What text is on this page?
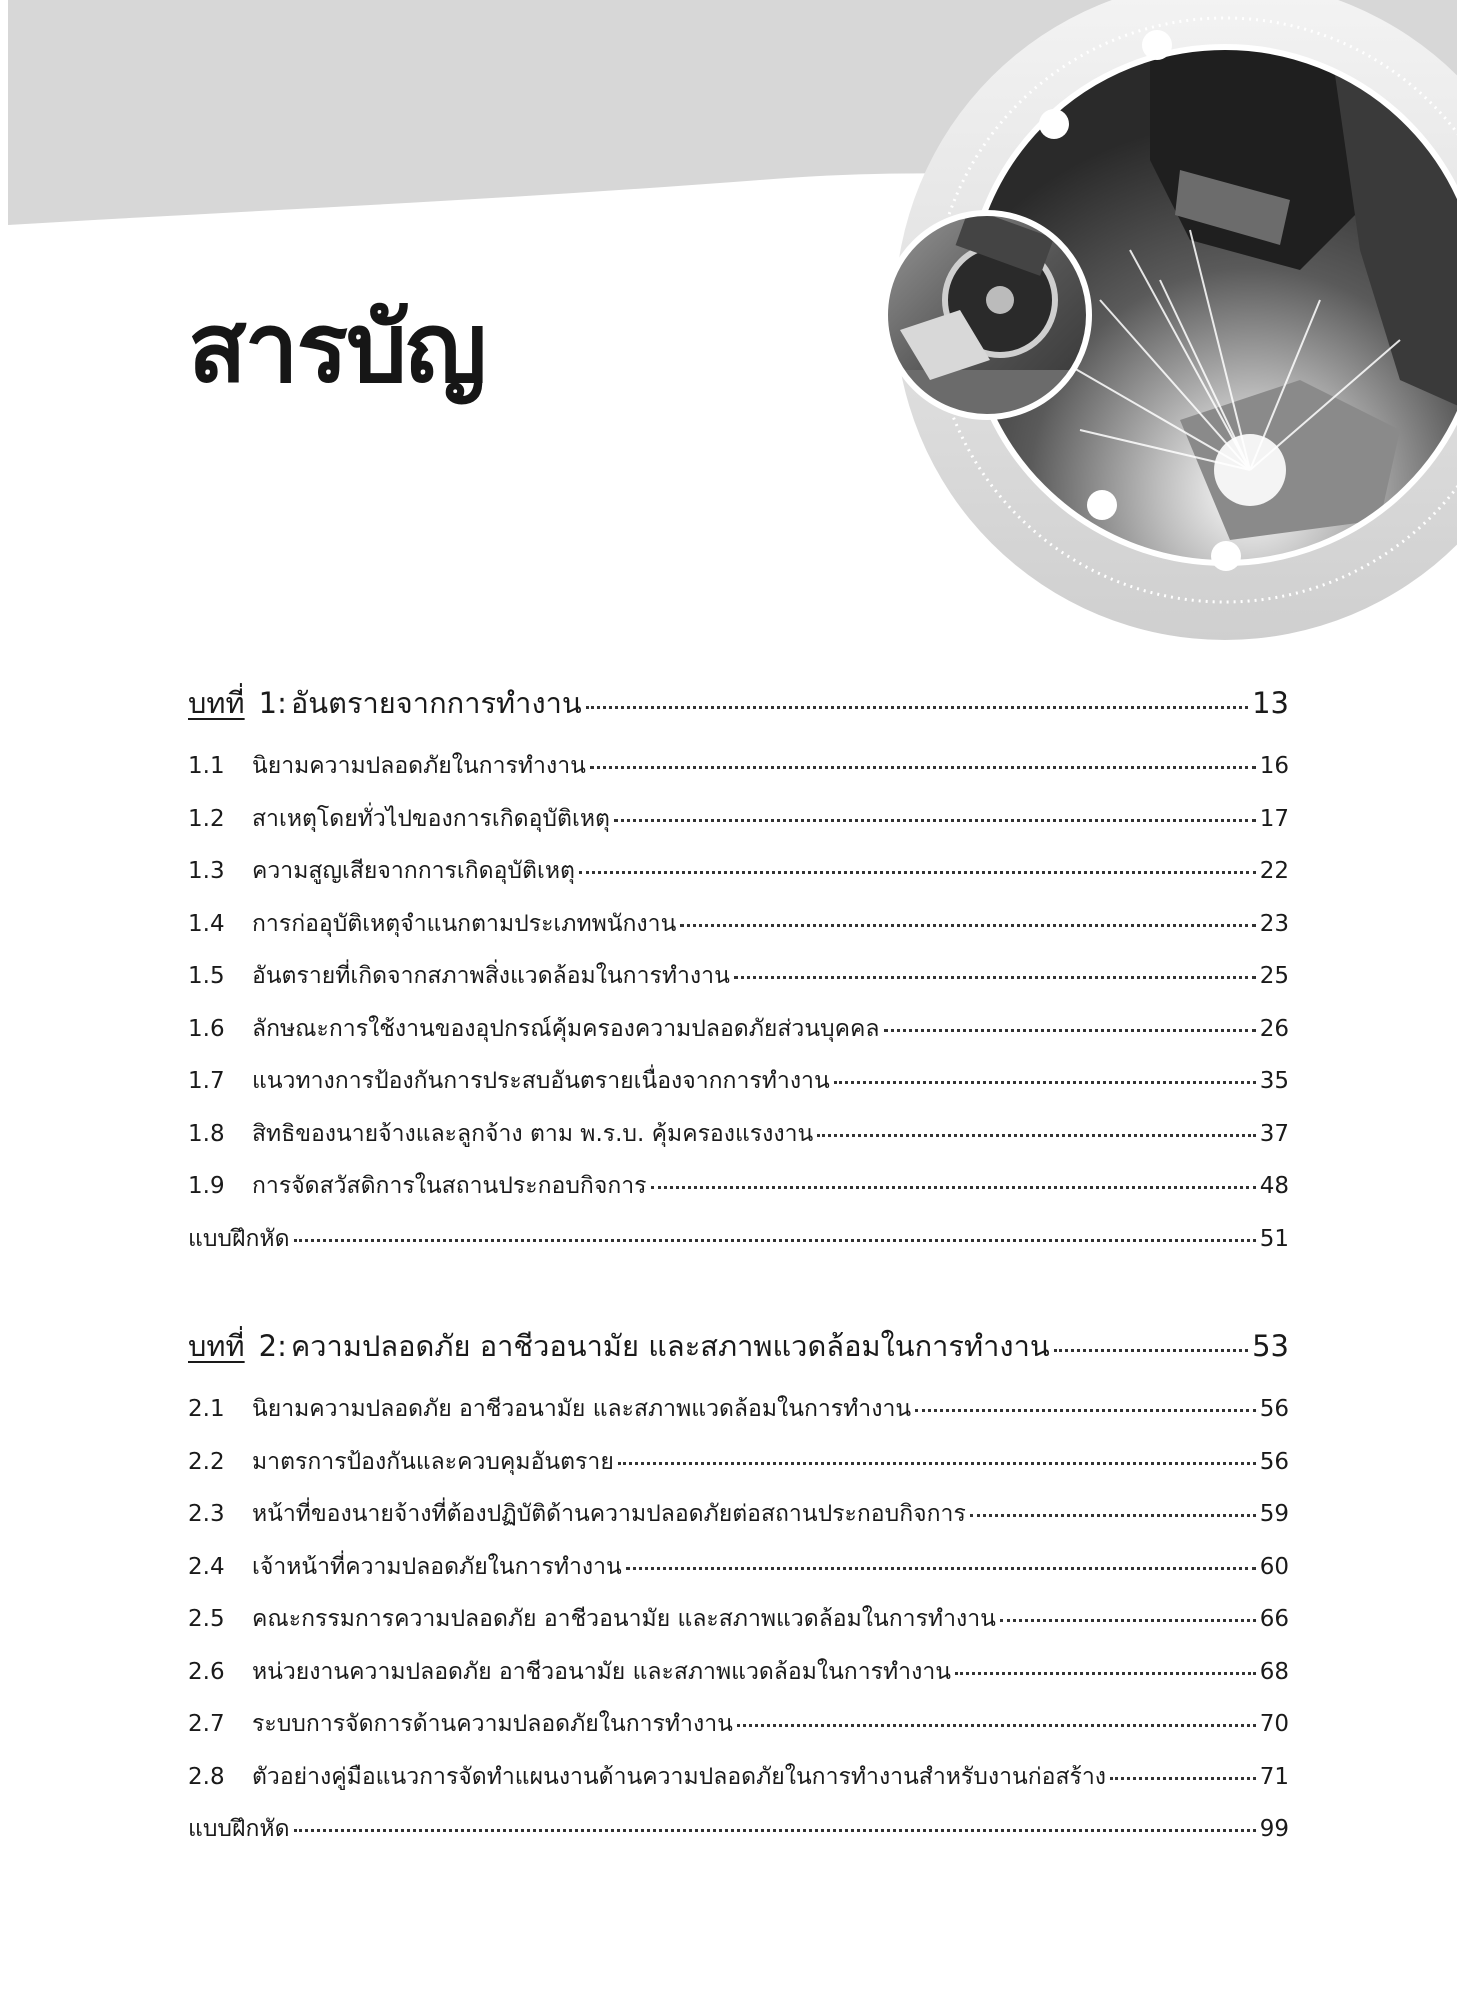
สารบัญ
บทที่ 1: อันตรายจากการทำงาน	13
1.1	นิยามความปลอดภัยในการทำงาน	16
1.2	สาเหตุโดยทั่วไปของการเกิดอุบัติเหตุ	17
1.3	ความสูญเสียจากการเกิดอุบัติเหตุ	22
1.4	การก่ออุบัติเหตุจำแนกตามประเภทพนักงาน	23
1.5	อันตรายที่เกิดจากสภาพสิ่งแวดล้อมในการทำงาน	25
1.6	ลักษณะการใช้งานของอุปกรณ์คุ้มครองความปลอดภัยส่วนบุคคล	26
1.7	แนวทางการป้องกันการประสบอันตรายเนื่องจากการทำงาน	35
1.8	สิทธิของนายจ้างและลูกจ้าง ตาม พ.ร.บ. คุ้มครองแรงงาน	37
1.9	การจัดสวัสดิการในสถานประกอบกิจการ	48
แบบฝึกหัด	51
บทที่ 2: ความปลอดภัย อาชีวอนามัย และสภาพแวดล้อมในการทำงาน	53
2.1	นิยามความปลอดภัย อาชีวอนามัย และสภาพแวดล้อมในการทำงาน	56
2.2	มาตรการป้องกันและควบคุมอันตราย	56
2.3	หน้าที่ของนายจ้างที่ต้องปฏิบัติด้านความปลอดภัยต่อสถานประกอบกิจการ	59
2.4	เจ้าหน้าที่ความปลอดภัยในการทำงาน	60
2.5	คณะกรรมการความปลอดภัย อาชีวอนามัย และสภาพแวดล้อมในการทำงาน	66
2.6	หน่วยงานความปลอดภัย อาชีวอนามัย และสภาพแวดล้อมในการทำงาน	68
2.7	ระบบการจัดการด้านความปลอดภัยในการทำงาน	70
2.8	ตัวอย่างคู่มือแนวการจัดทำแผนงานด้านความปลอดภัยในการทำงานสำหรับงานก่อสร้าง	71
แบบฝึกหัด	99
